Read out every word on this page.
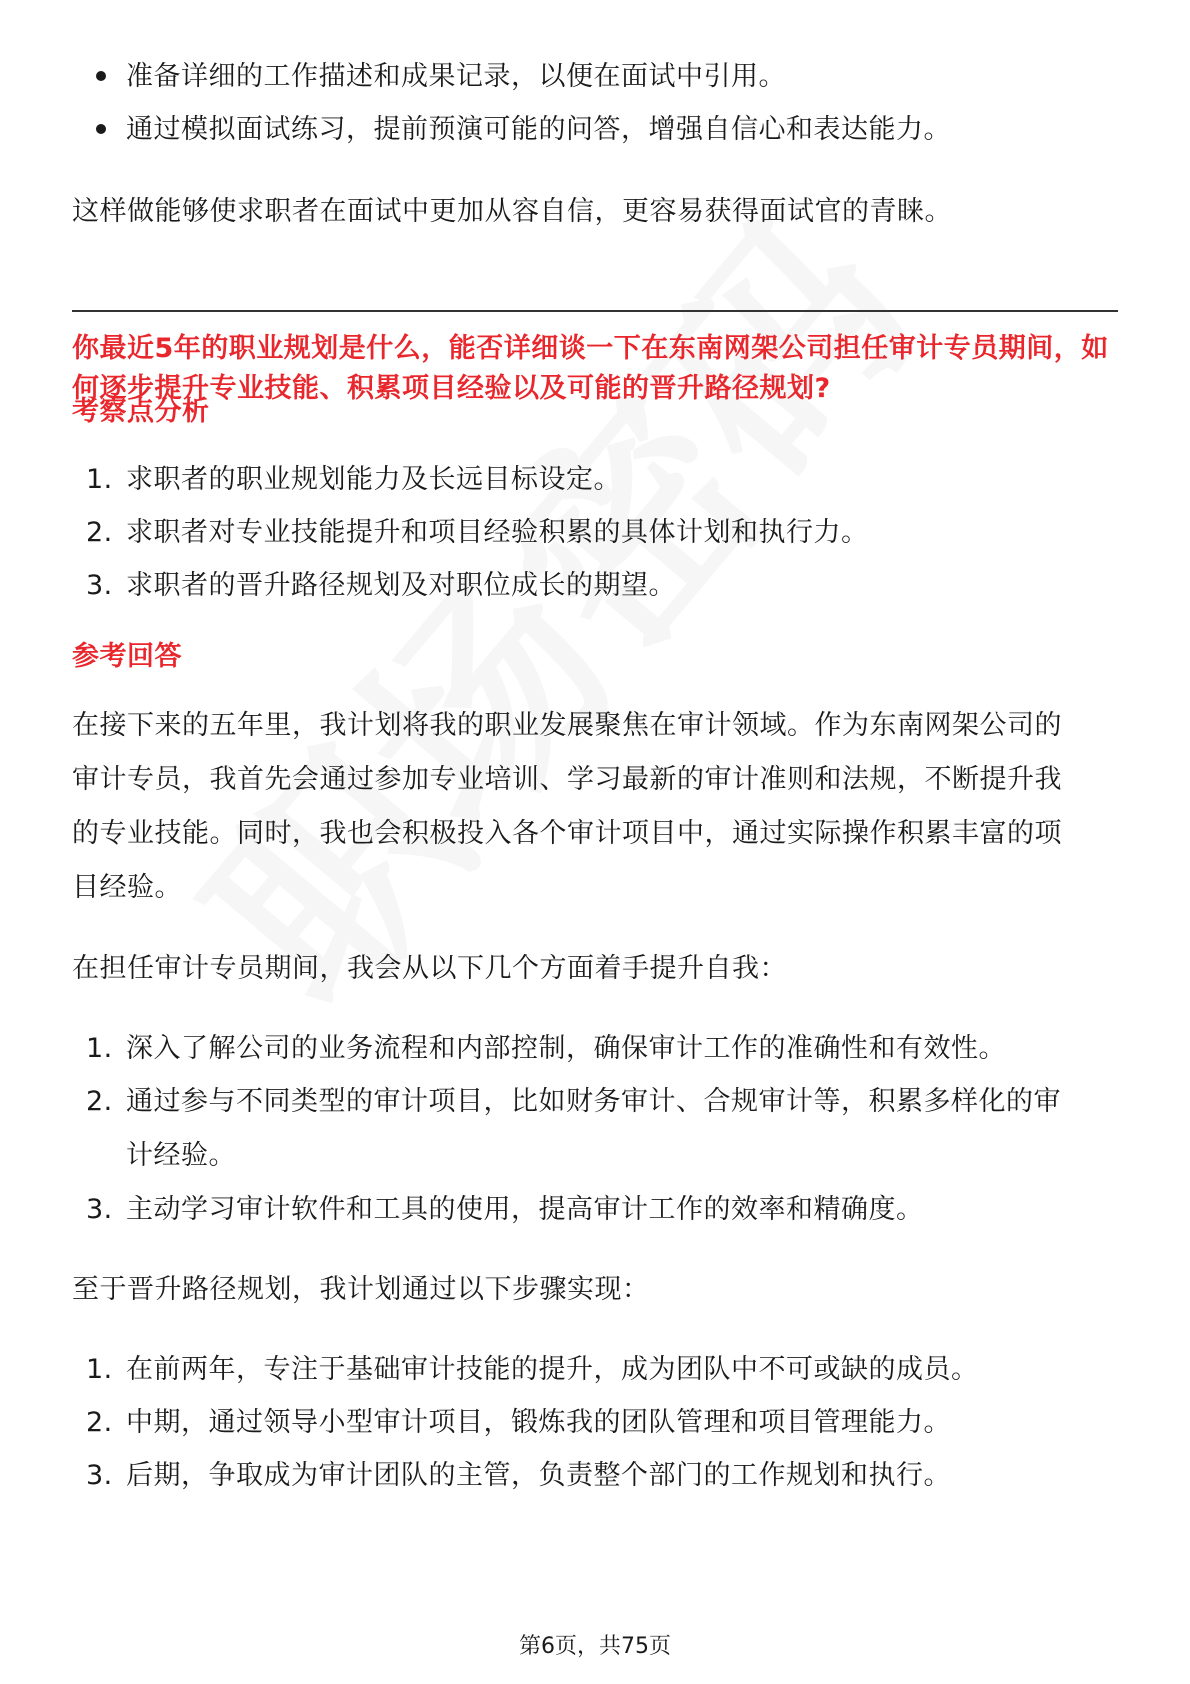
准备详细的工作描述和成果记录，以便在面试中引用。
通过模拟面试练习，提前预演可能的问答，增强自信心和表达能力。

这样做能够使求职者在面试中更加从容自信，更容易获得面试官的青睐。

你最近5年的职业规划是什么，能否详细谈一下在东南网架公司担任审计专员期间，如何逐步提升专业技能、积累项目经验以及可能的晋升路径规划?
考察点分析
1. 求职者的职业规划能力及长远目标设定。
2. 求职者对专业技能提升和项目经验积累的具体计划和执行力。
3. 求职者的晋升路径规划及对职位成长的期望。
参考回答

在接下来的五年里，我计划将我的职业发展聚焦在审计领域。作为东南网架公司的

审计专员，我首先会通过参加专业培训、学习最新的审计准则和法规，不断提升我

的专业技能。同时，我也会积极投入各个审计项目中，通过实际操作积累丰富的项

目经验。

在担任审计专员期间，我会从以下几个方面着手提升自我：

1. 深入了解公司的业务流程和内部控制，确保审计工作的准确性和有效性。
2. 通过参与不同类型的审计项目，比如财务审计、合规审计等，积累多样化的审
计经验。
3. 主动学习审计软件和工具的使用，提高审计工作的效率和精确度。

至于晋升路径规划，我计划通过以下步骤实现：

1. 在前两年，专注于基础审计技能的提升，成为团队中不可或缺的成员。
2. 中期，通过领导小型审计项目，锻炼我的团队管理和项目管理能力。
3. 后期，争取成为审计团队的主管，负责整个部门的工作规划和执行。
第6页，共75页
